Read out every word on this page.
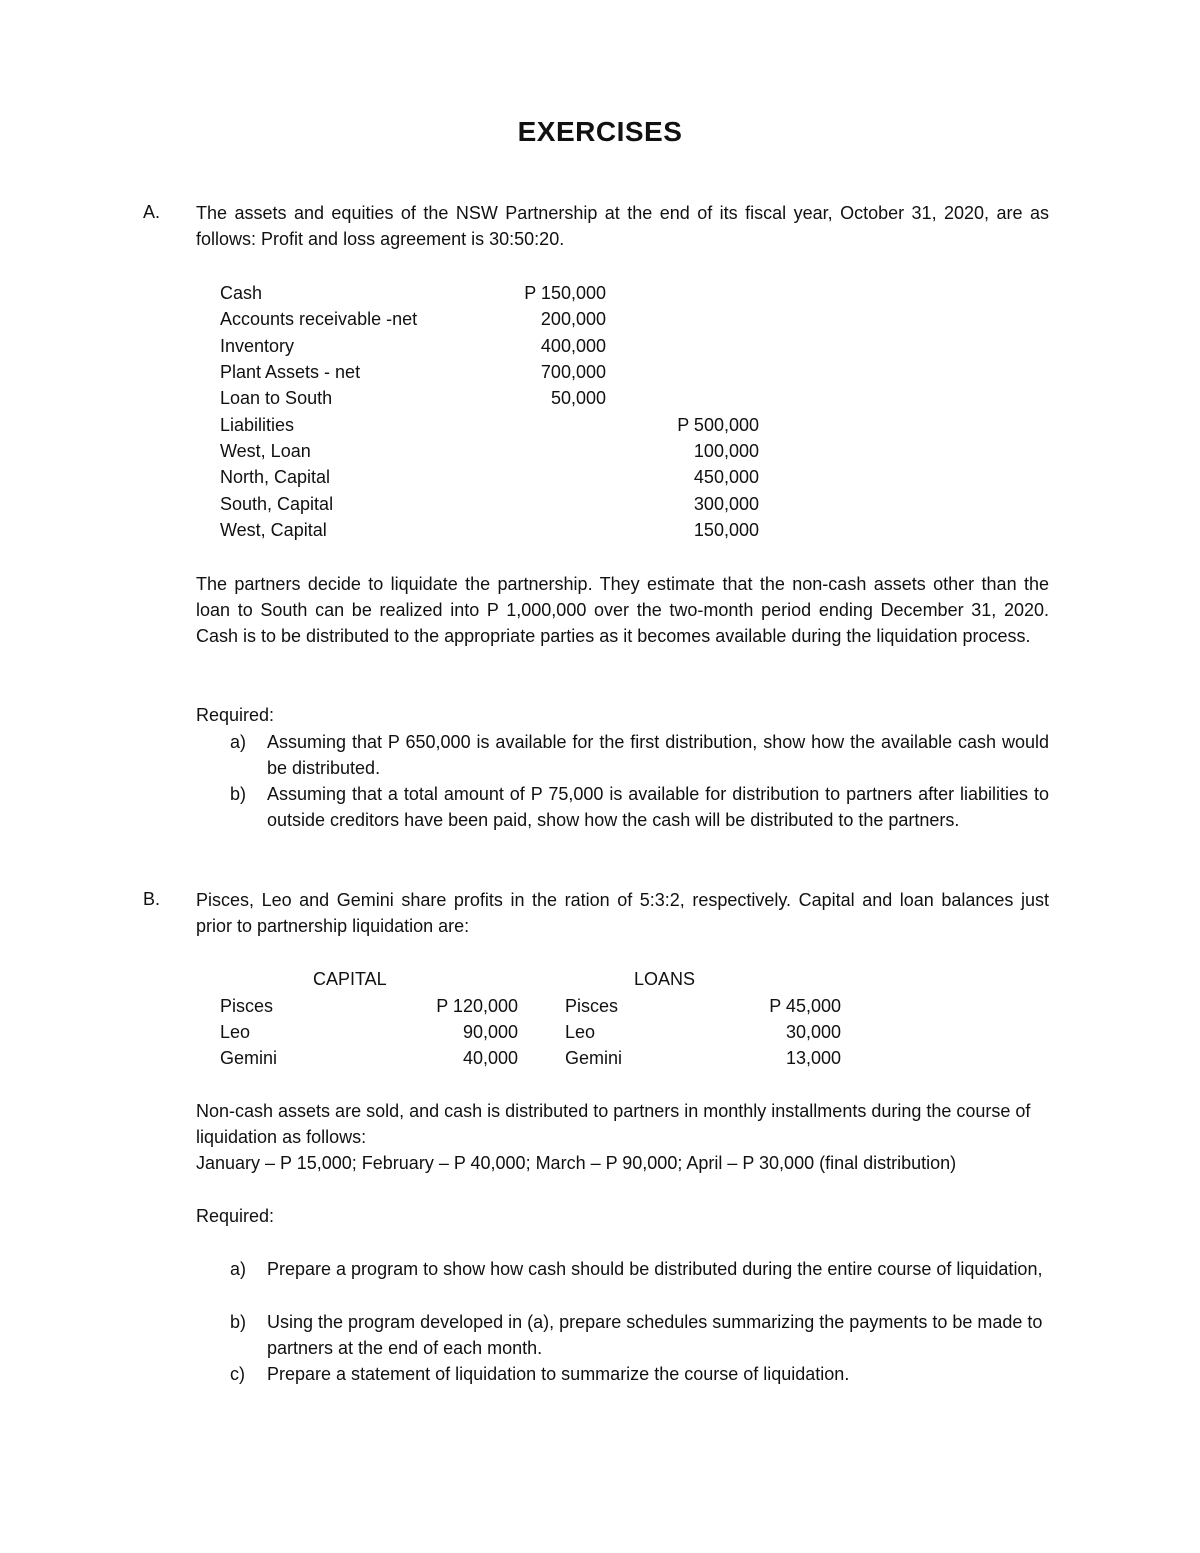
EXERCISES
A. The assets and equities of the NSW Partnership at the end of its fiscal year, October 31, 2020, are as follows: Profit and loss agreement is 30:50:20.
Cash	P 150,000
Accounts receivable -net	200,000
Inventory	400,000
Plant Assets - net	700,000
Loan to South	50,000
Liabilities	P 500,000
West, Loan	100,000
North, Capital	450,000
South, Capital	300,000
West, Capital	150,000
The partners decide to liquidate the partnership. They estimate that the non-cash assets other than the loan to South can be realized into P 1,000,000 over the two-month period ending December 31, 2020. Cash is to be distributed to the appropriate parties as it becomes available during the liquidation process.
Required:
a) Assuming that P 650,000 is available for the first distribution, show how the available cash would be distributed.
b) Assuming that a total amount of P 75,000 is available for distribution to partners after liabilities to outside creditors have been paid, show how the cash will be distributed to the partners.
B. Pisces, Leo and Gemini share profits in the ration of 5:3:2, respectively. Capital and loan balances just prior to partnership liquidation are:
CAPITAL	LOANS
Pisces	P 120,000	Pisces	P 45,000
Leo	90,000	Leo	30,000
Gemini	40,000	Gemini	13,000
Non-cash assets are sold, and cash is distributed to partners in monthly installments during the course of liquidation as follows:
January – P 15,000; February – P 40,000; March – P 90,000; April – P 30,000 (final distribution)
Required:
a) Prepare a program to show how cash should be distributed during the entire course of liquidation,
b) Using the program developed in (a), prepare schedules summarizing the payments to be made to partners at the end of each month.
c) Prepare a statement of liquidation to summarize the course of liquidation.
